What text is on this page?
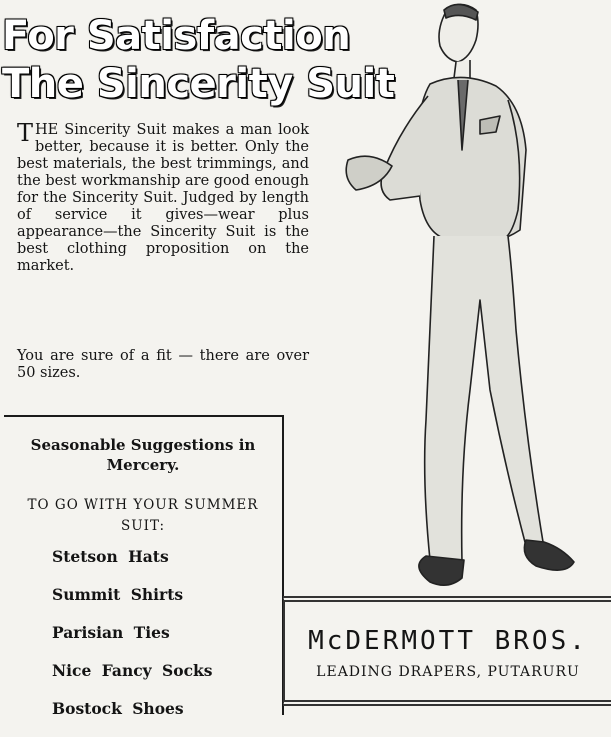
For Satisfaction
The Sincerity Suit

THE Sincerity Suit makes a man look better, because it is better. Only the best materials, the best trimmings, and the best workmanship are good enough for the Sincerity Suit. Judged by length of service it gives—wear plus appearance—the Sincerity Suit is the best clothing proposition on the market.

You are sure of a fit — there are over 50 sizes.

Seasonable Suggestions in Mercery.

TO GO WITH YOUR SUMMER SUIT:

Stetson Hats
Summit Shirts
Parisian Ties
Nice Fancy Socks
Bostock Shoes

McDERMOTT BROS.

LEADING DRAPERS, PUTARURU
